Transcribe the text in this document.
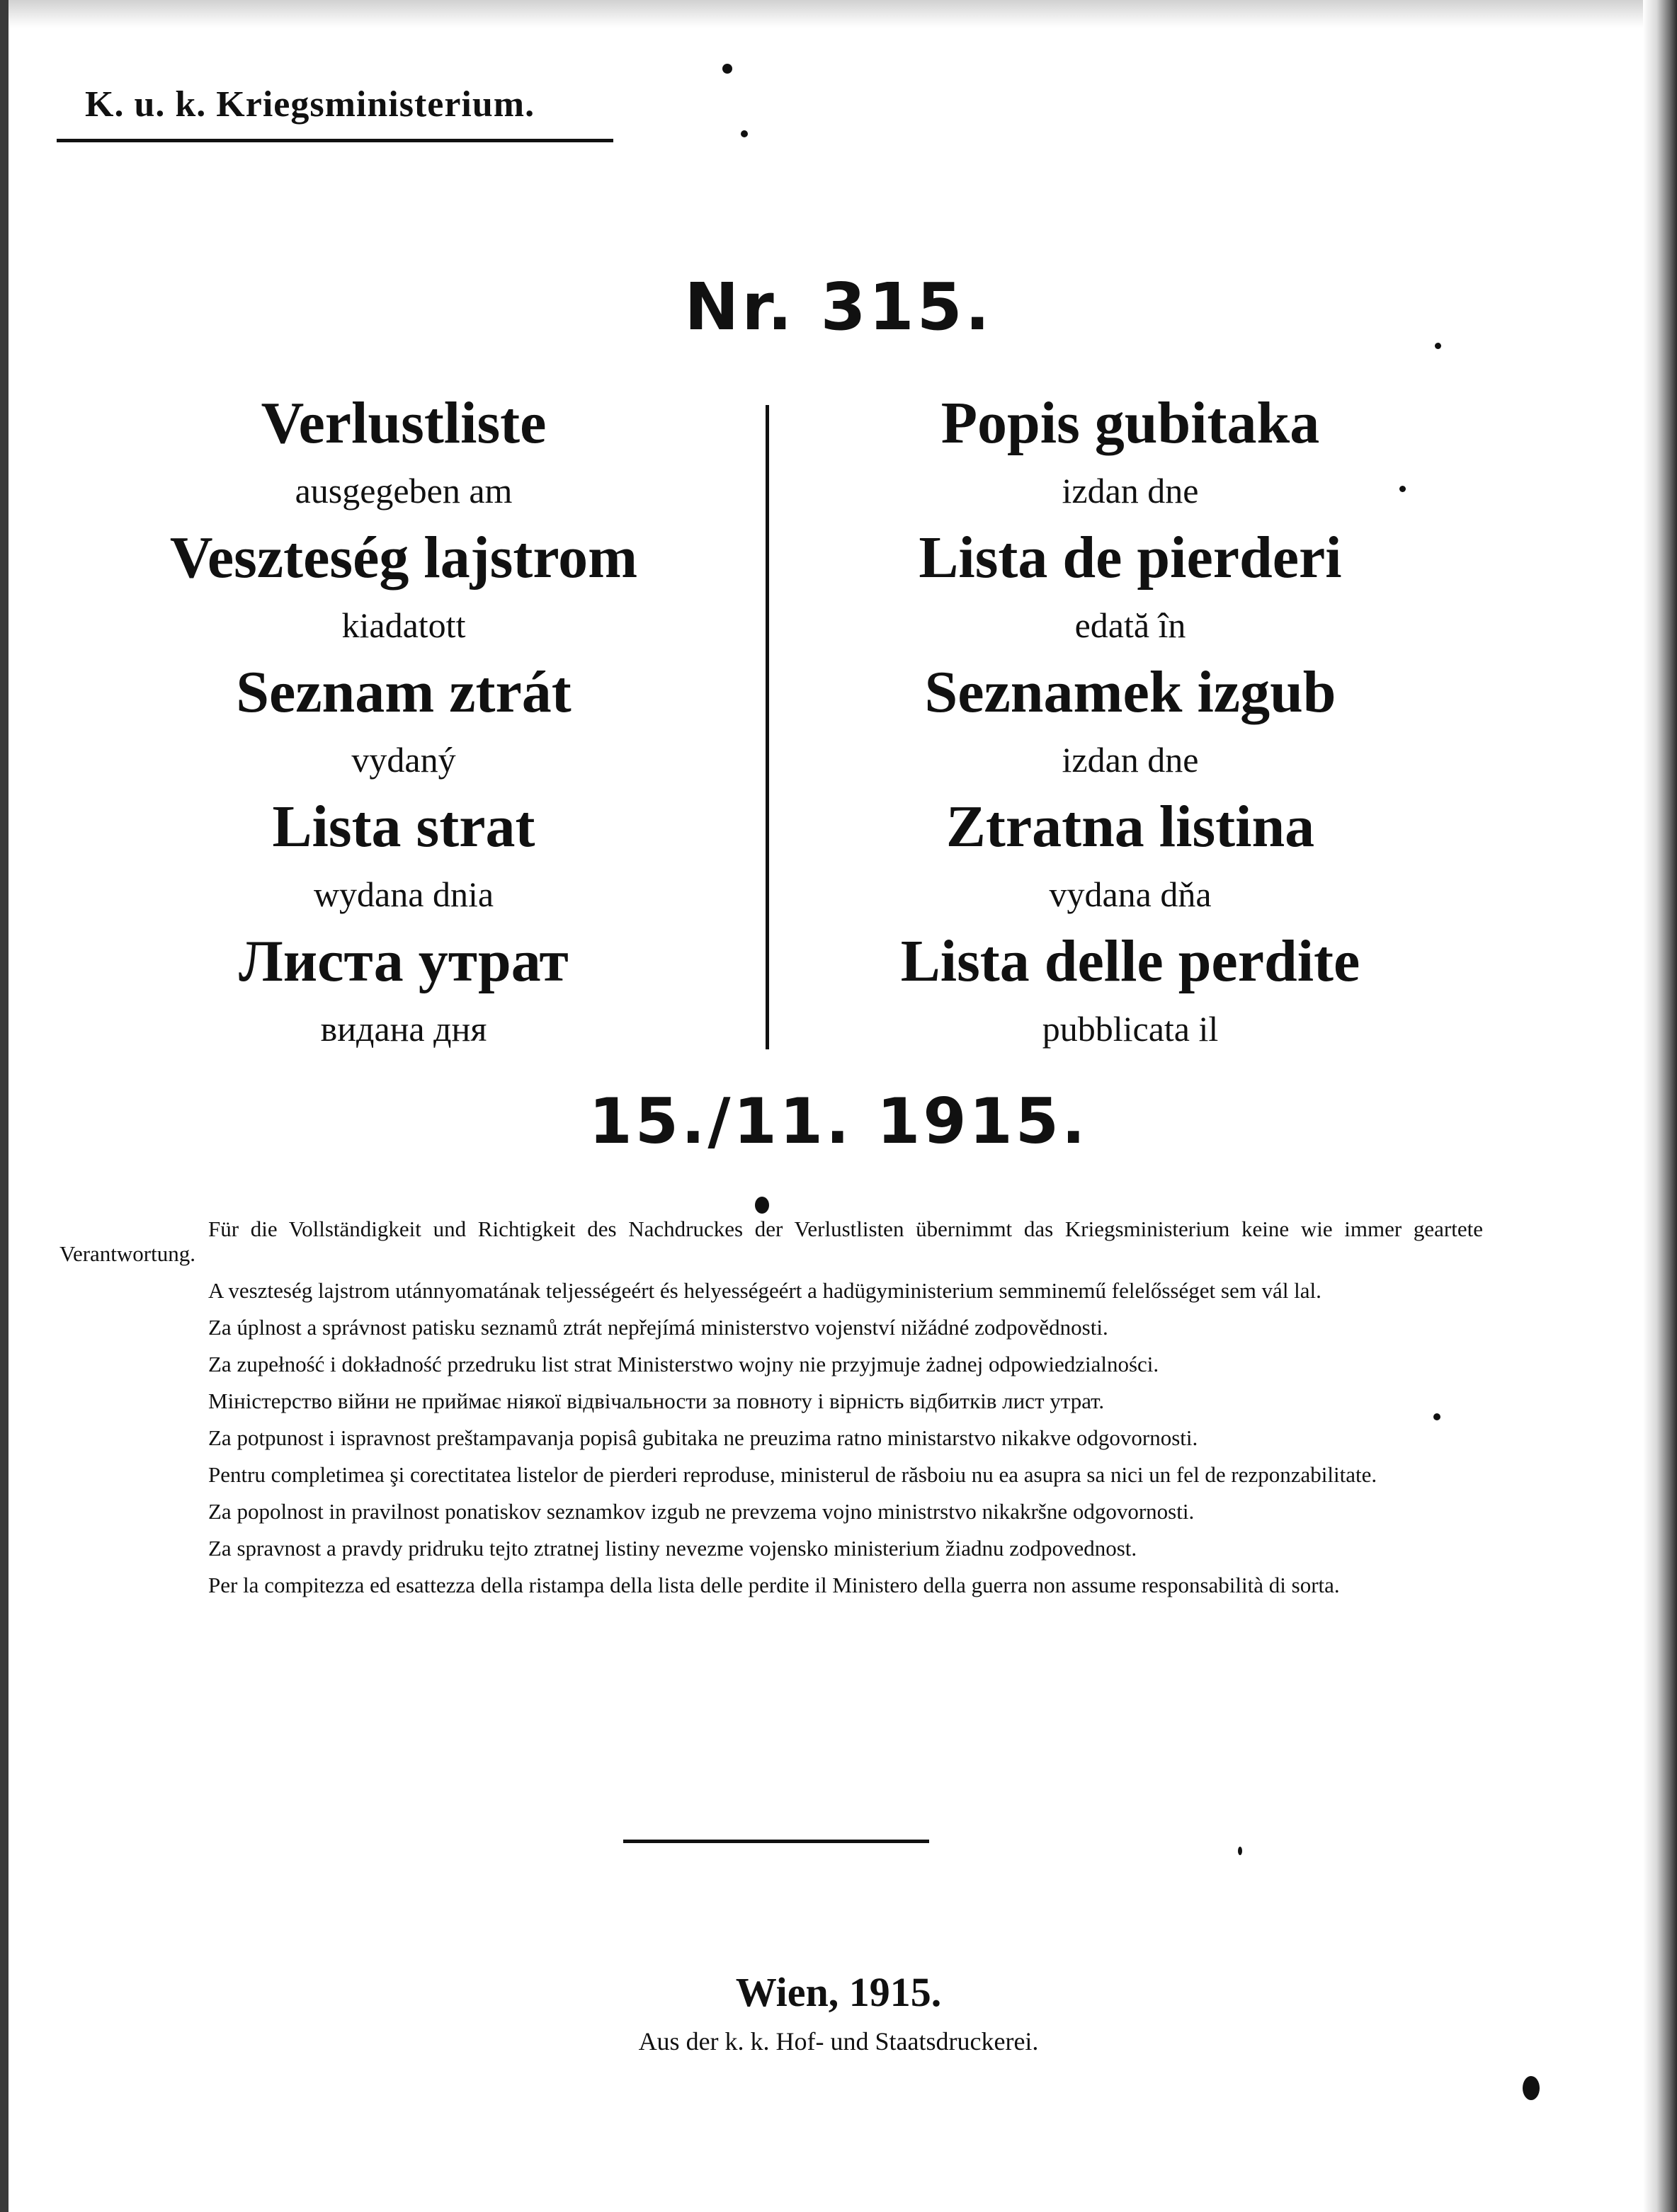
K. u. k. Kriegsministerium.
Nr. 315.
Verlustliste
ausgegeben am
Veszteség lajstrom
kiadatott
Seznam ztrát
vydaný
Lista strat
wydana dnia
Листа утрат
видана дня
Popis gubitaka
izdan dne
Lista de pierderi
edată în
Seznamek izgub
izdan dne
Ztratna listina
vydana dňa
Lista delle perdite
pubblicata il
15./11. 1915.

Für die Vollständigkeit und Richtigkeit des Nachdruckes der Verlustlisten übernimmt das Kriegsministerium keine wie immer geartete Verantwortung.

A veszteség lajstrom utánnyomatának teljességeért és helyességeért a hadügyministerium semminemű felelősséget sem vál lal.

Za úplnost a správnost patisku seznamů ztrát nepřejímá ministerstvo vojenství nižádné zodpovědnosti.

Za zupełność i dokładność przedruku list strat Ministerstwo wojny nie przyjmuje żadnej odpowiedzialności.

Міністерство війни не приймає ніякої відвічальности за повноту і вірність відбитків лист утрат.

Za potpunost i ispravnost preštampavanja popisâ gubitaka ne preuzima ratno ministarstvo nikakve odgovornosti.

Pentru completimea şi corectitatea listelor de pierderi reproduse, ministerul de răsboiu nu ea asupra sa nici un fel de rezponzabilitate.

Za popolnost in pravilnost ponatiskov seznamkov izgub ne prevzema vojno ministrstvo nikakršne odgovornosti.

Za spravnost a pravdy pridruku tejto ztratnej listiny nevezme vojensko ministerium žiadnu zodpovednost.

Per la compitezza ed esattezza della ristampa della lista delle perdite il Ministero della guerra non assume responsabilità di sorta.

Wien, 1915.
Aus der k. k. Hof- und Staatsdruckerei.
